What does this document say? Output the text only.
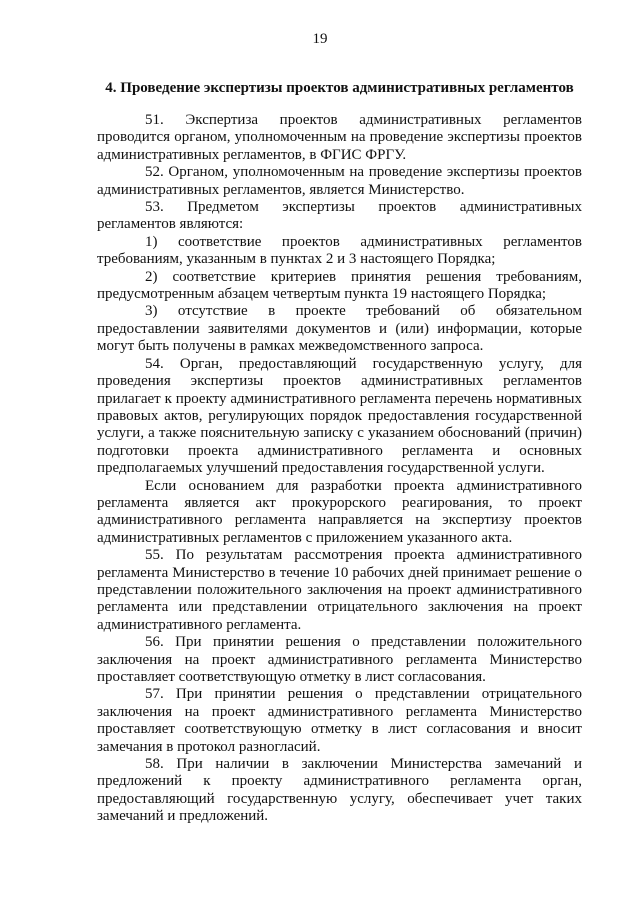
19
4. Проведение экспертизы проектов административных регламентов

51. Экспертиза проектов административных регламентов проводится органом, уполномоченным на проведение экспертизы проектов административных регламентов, в ФГИС ФРГУ.

52. Органом, уполномоченным на проведение экспертизы проектов административных регламентов, является Министерство.

53. Предметом экспертизы проектов административных регламентов являются:

1) соответствие проектов административных регламентов требованиям, указанным в пунктах 2 и 3 настоящего Порядка;

2) соответствие критериев принятия решения требованиям, предусмотренным абзацем четвертым пункта 19 настоящего Порядка;

3) отсутствие в проекте требований об обязательном предоставлении заявителями документов и (или) информации, которые могут быть получены в рамках межведомственного запроса.

54. Орган, предоставляющий государственную услугу, для проведения экспертизы проектов административных регламентов прилагает к проекту административного регламента перечень нормативных правовых актов, регулирующих порядок предоставления государственной услуги, а также пояснительную записку с указанием обоснований (причин) подготовки проекта административного регламента и основных предполагаемых улучшений предоставления государственной услуги.

Если основанием для разработки проекта административного регламента является акт прокурорского реагирования, то проект административного регламента направляется на экспертизу проектов административных регламентов с приложением указанного акта.

55. По результатам рассмотрения проекта административного регламента Министерство в течение 10 рабочих дней принимает решение о представлении положительного заключения на проект административного регламента или представлении отрицательного заключения на проект административного регламента.

56. При принятии решения о представлении положительного заключения на проект административного регламента Министерство проставляет соответствующую отметку в лист согласования.

57. При принятии решения о представлении отрицательного заключения на проект административного регламента Министерство проставляет соответствующую отметку в лист согласования и вносит замечания в протокол разногласий.

58. При наличии в заключении Министерства замечаний и предложений к проекту административного регламента орган, предоставляющий государственную услугу, обеспечивает учет таких замечаний и предложений.
